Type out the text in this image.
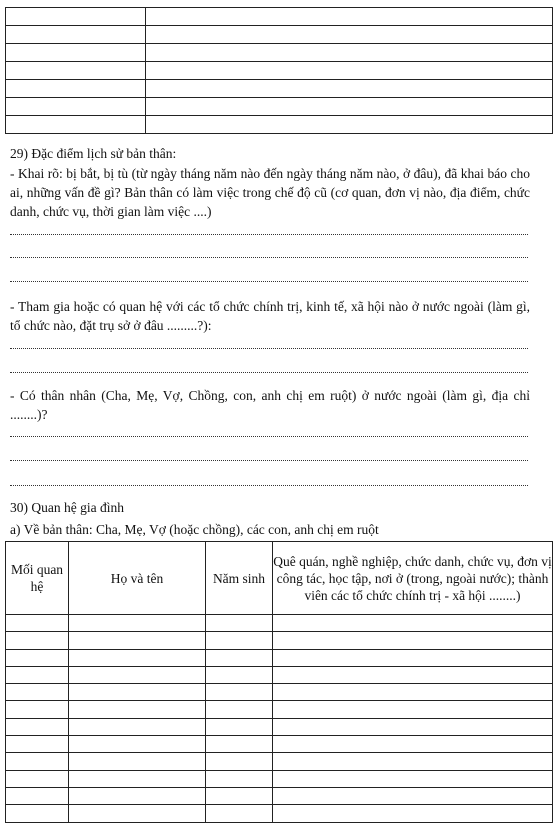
29) Đặc điểm lịch sử bản thân:
- Khai rõ: bị bắt, bị tù (từ ngày tháng năm nào đến ngày tháng năm nào, ở đâu), đã khai báo cho ai, những vấn đề gì? Bản thân có làm việc trong chế độ cũ (cơ quan, đơn vị nào, địa điểm, chức danh, chức vụ, thời gian làm việc ....)
- Tham gia hoặc có quan hệ với các tổ chức chính trị, kinh tế, xã hội nào ở nước ngoài (làm gì, tổ chức nào, đặt trụ sở ở đâu .........?):
- Có thân nhân (Cha, Mẹ, Vợ, Chồng, con, anh chị em ruột) ở nước ngoài (làm gì, địa chỉ ........)?
30) Quan hệ gia đình
a) Về bản thân: Cha, Mẹ, Vợ (hoặc chồng), các con, anh chị em ruột
Mối quan hệ	Họ và tên	Năm sinh	Quê quán, nghề nghiệp, chức danh, chức vụ, đơn vị công tác, học tập, nơi ở (trong, ngoài nước); thành viên các tổ chức chính trị - xã hội ........)
